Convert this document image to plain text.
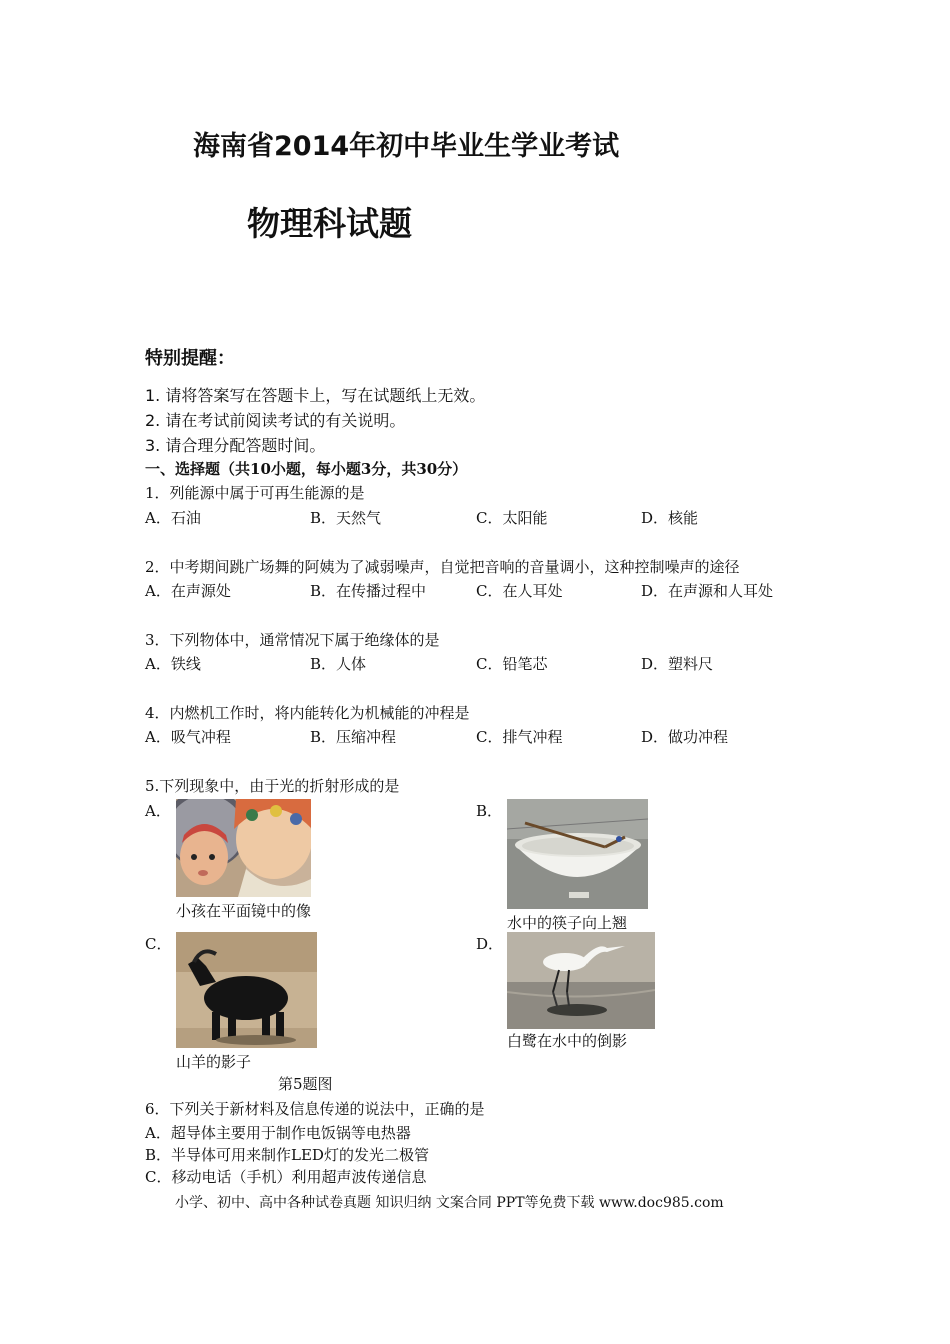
海南省2014年初中毕业生学业考试
物理科试题
特别提醒：
1. 请将答案写在答题卡上，写在试题纸上无效。
2. 请在考试前阅读考试的有关说明。
3. 请合理分配答题时间。
一、选择题（共10小题，每小题3分，共30分）
1．列能源中属于可再生能源的是
A．石油	B．天然气	C．太阳能	D．核能
2．中考期间跳广场舞的阿姨为了减弱噪声，自觉把音响的音量调小，这种控制噪声的途径
A．在声源处	B．在传播过程中	C．在人耳处	D．在声源和人耳处
3．下列物体中，通常情况下属于绝缘体的是
A．铁线	B．人体	C．铅笔芯	D．塑料尺
4．内燃机工作时，将内能转化为机械能的冲程是
A．吸气冲程	B．压缩冲程	C．排气冲程	D．做功冲程
5.下列现象中，由于光的折射形成的是
A．	B．
C．	D．
小孩在平面镜中的像
水中的筷子向上翘
山羊的影子
白鹭在水中的倒影
第5题图
6．下列关于新材料及信息传递的说法中，正确的是
A．超导体主要用于制作电饭锅等电热器
B．半导体可用来制作LED灯的发光二极管
C．移动电话（手机）利用超声波传递信息
小学、初中、高中各种试卷真题 知识归纳 文案合同 PPT等免费下载 www.doc985.com
